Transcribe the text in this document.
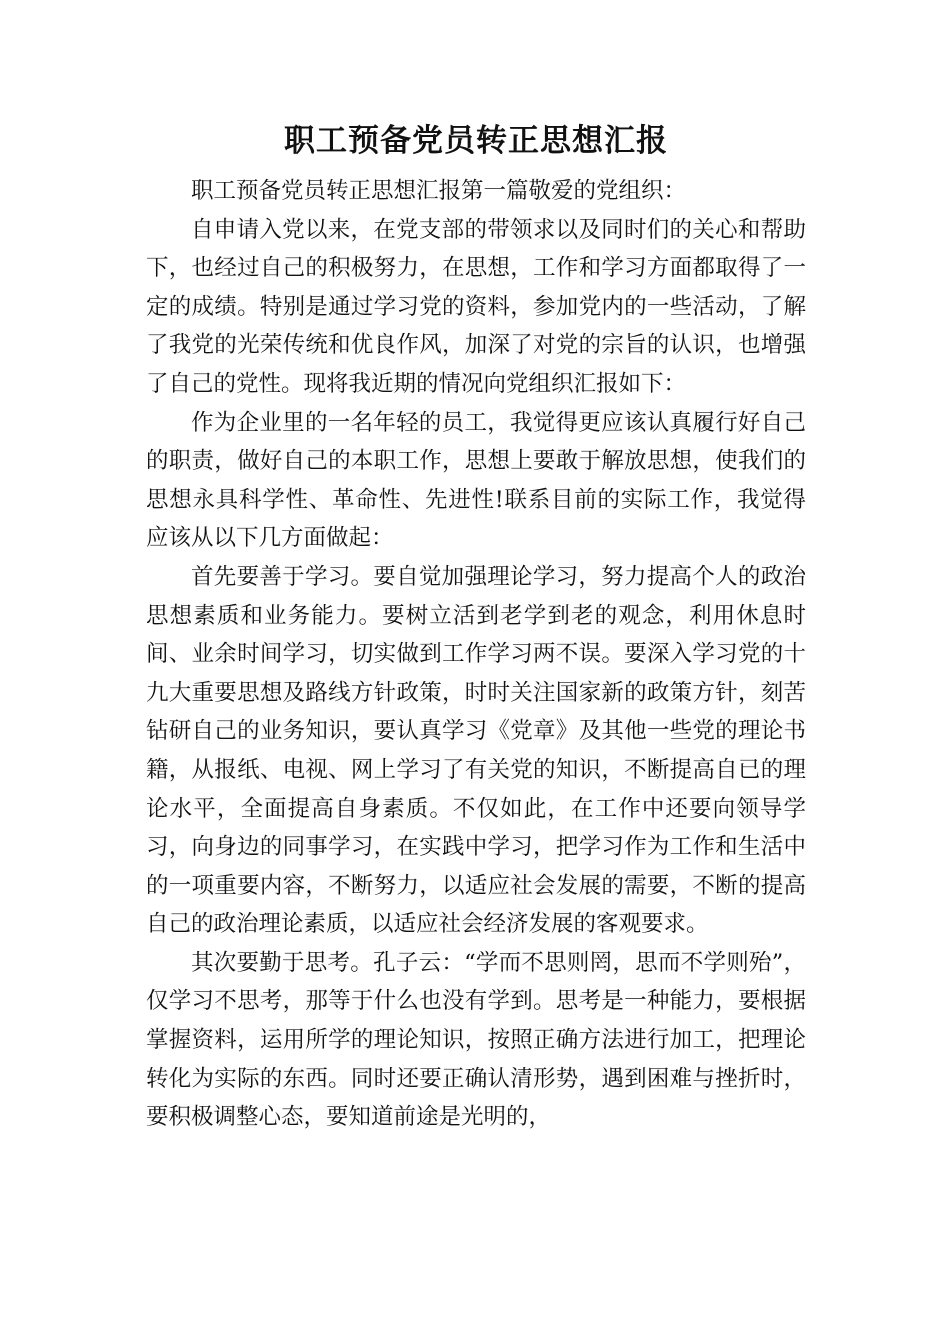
职工预备党员转正思想汇报

职工预备党员转正思想汇报第一篇敬爱的党组织：

自申请入党以来，在党支部的带领求以及同时们的关心和帮助下，也经过自己的积极努力，在思想，工作和学习方面都取得了一定的成绩。特别是通过学习党的资料，参加党内的一些活动，了解了我党的光荣传统和优良作风，加深了对党的宗旨的认识，也增强了自己的党性。现将我近期的情况向党组织汇报如下：

作为企业里的一名年轻的员工，我觉得更应该认真履行好自己的职责，做好自己的本职工作，思想上要敢于解放思想，使我们的思想永具科学性、革命性、先进性!联系目前的实际工作，我觉得应该从以下几方面做起：

首先要善于学习。要自觉加强理论学习，努力提高个人的政治思想素质和业务能力。要树立活到老学到老的观念，利用休息时间、业余时间学习，切实做到工作学习两不误。要深入学习党的十九大重要思想及路线方针政策，时时关注国家新的政策方针，刻苦钻研自己的业务知识，要认真学习《党章》及其他一些党的理论书籍，从报纸、电视、网上学习了有关党的知识，不断提高自已的理论水平，全面提高自身素质。不仅如此，在工作中还要向领导学习，向身边的同事学习，在实践中学习，把学习作为工作和生活中的一项重要内容，不断努力，以适应社会发展的需要，不断的提高自己的政治理论素质，以适应社会经济发展的客观要求。

其次要勤于思考。孔子云：“学而不思则罔，思而不学则殆”，仅学习不思考，那等于什么也没有学到。思考是一种能力，要根据掌握资料，运用所学的理论知识，按照正确方法进行加工，把理论转化为实际的东西。同时还要正确认清形势，遇到困难与挫折时，要积极调整心态，要知道前途是光明的，
